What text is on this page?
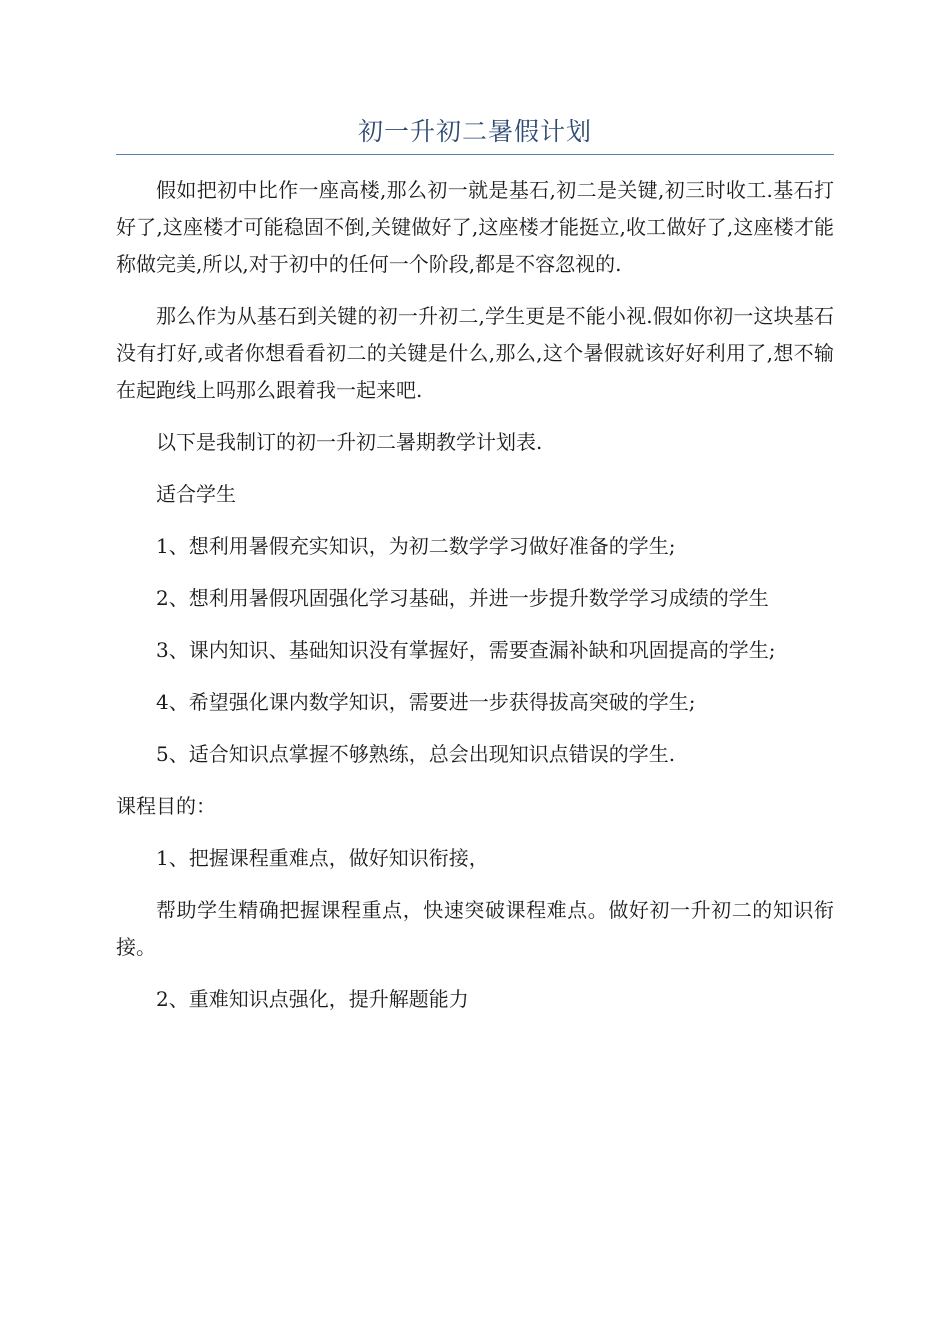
初一升初二暑假计划

假如把初中比作一座高楼,那么初一就是基石,初二是关键,初三时收工.基石打好了,这座楼才可能稳固不倒,关键做好了,这座楼才能挺立,收工做好了,这座楼才能称做完美,所以,对于初中的任何一个阶段,都是不容忽视的.

那么作为从基石到关键的初一升初二,学生更是不能小视.假如你初一这块基石没有打好,或者你想看看初二的关键是什么,那么,这个暑假就该好好利用了,想不输在起跑线上吗那么跟着我一起来吧.

以下是我制订的初一升初二暑期教学计划表.

适合学生

1、想利用暑假充实知识，为初二数学学习做好准备的学生;

2、想利用暑假巩固强化学习基础，并进一步提升数学学习成绩的学生

3、课内知识、基础知识没有掌握好，需要查漏补缺和巩固提高的学生;

4、希望强化课内数学知识，需要进一步获得拔高突破的学生;

5、适合知识点掌握不够熟练，总会出现知识点错误的学生.

课程目的：

1、把握课程重难点，做好知识衔接，

帮助学生精确把握课程重点，快速突破课程难点。做好初一升初二的知识衔接。

2、重难知识点强化，提升解题能力
